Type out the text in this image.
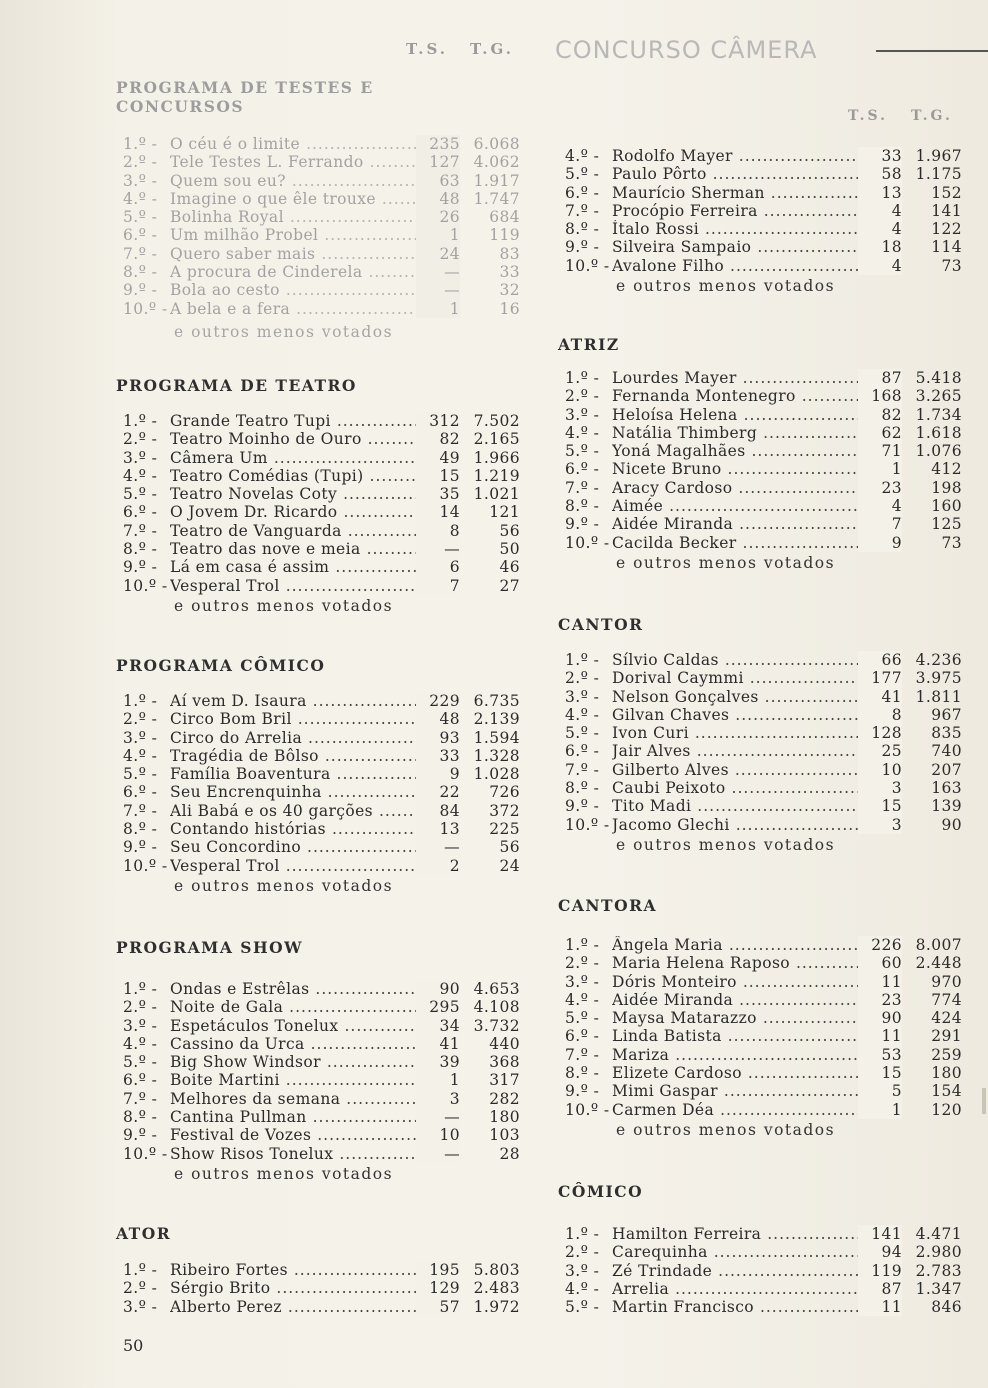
T.S. T.G. CONCURSO CÂMERA
PROGRAMA DE TESTES E CONCURSOS
1.º - O céu é o limite .....	235 6.068
2.º - Tele Testes L. Ferrando .....	127 4.062
3.º - Quem sou eu? .....	63 1.917
4.º - Imagine o que êle trouxe .....	48 1.747
5.º - Bolinha Royal .....	26	684
6.º - Um milhão Probel .....	1	119
7.º - Quero saber mais .....	24	83
8.º - A procura de Cinderela .....	—	33
9.º - Bola ao cesto .....	—	32
10.º - A bela e a fera .....	1	16
e outros menos votados
PROGRAMA DE TEATRO
1.º - Grande Teatro Tupi .....	312 7.502
2.º - Teatro Moinho de Ouro .....	82 2.165
3.º - Câmera Um .....	49 1.966
4.º - Teatro Comédias (Tupi) .....	15 1.219
5.º - Teatro Novelas Coty .....	35 1.021
6.º - O Jovem Dr. Ricardo .....	14	121
7.º - Teatro de Vanguarda .....	8	56
8.º - Teatro das nove e meia .....	—	50
9.º - Lá em casa é assim .....	6	46
10.º - Vesperal Trol .....	7	27
e outros menos votados
PROGRAMA CÔMICO
1.º - Aí vem D. Isaura .....	229 6.735
2.º - Circo Bom Bril .....	48 2.139
3.º - Circo do Arrelia .....	93 1.594
4.º - Tragédia de Bôlso .....	33 1.328
5.º - Família Boaventura .....	9 1.028
6.º - Seu Encrenquinha .....	22	726
7.º - Ali Babá e os 40 garções .....	84	372
8.º - Contando histórias .....	13	225
9.º - Seu Concordino .....	—	56
10.º - Vesperal Trol .....	2	24
e outros menos votados
PROGRAMA SHOW
1.º - Ondas e Estrêlas .....	90 4.653
2.º - Noite de Gala .....	295 4.108
3.º - Espetáculos Tonelux .....	34 3.732
4.º - Cassino da Urca .....	41	440
5.º - Big Show Windsor .....	39	368
6.º - Boite Martini .....	1	317
7.º - Melhores da semana .....	3	282
8.º - Cantina Pullman .....	—	180
9.º - Festival de Vozes .....	10	103
10.º - Show Risos Tonelux .....	—	28
e outros menos votados
ATOR
1.º - Ribeiro Fortes .....	195 5.803
2.º - Sérgio Brito .....	129 2.483
3.º - Alberto Perez .....	57 1.972
T.S. T.G.
4.º - Rodolfo Mayer .....	33 1.967
5.º - Paulo Pôrto .....	58 1.175
6.º - Maurício Sherman .....	13	152
7.º - Procópio Ferreira .....	4	141
8.º - Ítalo Rossi .....	4	122
9.º - Silveira Sampaio .....	18	114
10.º - Avalone Filho .....	4	73
e outros menos votados
ATRIZ
1.º - Lourdes Mayer .....	87 5.418
2.º - Fernanda Montenegro .....	168 3.265
3.º - Heloísa Helena .....	82 1.734
4.º - Natália Thimberg .....	62 1.618
5.º - Yoná Magalhães .....	71 1.076
6.º - Nicete Bruno .....	1	412
7.º - Aracy Cardoso .....	23	198
8.º - Aimée .....	4	160
9.º - Aidée Miranda .....	7	125
10.º - Cacilda Becker .....	9	73
e outros menos votados
CANTOR
1.º - Sílvio Caldas .....	66 4.236
2.º - Dorival Caymmi .....	177 3.975
3.º - Nelson Gonçalves .....	41 1.811
4.º - Gilvan Chaves .....	8	967
5.º - Ivon Curi .....	128	835
6.º - Jair Alves .....	25	740
7.º - Gilberto Alves .....	10	207
8.º - Caubi Peixoto .....	3	163
9.º - Tito Madi .....	15	139
10.º - Jacomo Glechi .....	3	90
e outros menos votados
CANTORA
1.º - Ângela Maria .....	226 8.007
2.º - Maria Helena Raposo .....	60 2.448
3.º - Dóris Monteiro .....	11	970
4.º - Aidée Miranda .....	23	774
5.º - Maysa Matarazzo .....	90	424
6.º - Linda Batista .....	11	291
7.º - Mariza .....	53	259
8.º - Elizete Cardoso .....	15	180
9.º - Mimi Gaspar .....	5	154
10.º - Carmen Déa .....	1	120
e outros menos votados
CÔMICO
1.º - Hamilton Ferreira .....	141 4.471
2.º - Carequinha .....	94 2.980
3.º - Zé Trindade .....	119 2.783
4.º - Arrelia .....	87 1.347
5.º - Martin Francisco .....	11	846
50
